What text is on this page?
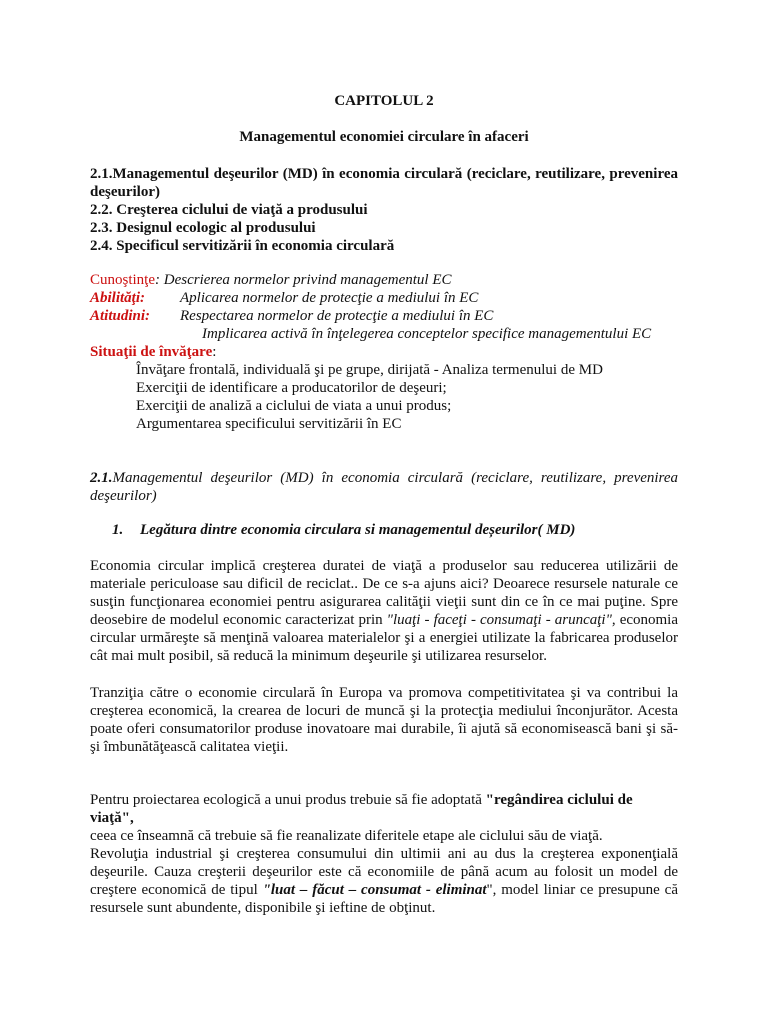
CAPITOLUL 2
Managementul economiei circulare în afaceri
2.1.Managementul deşeurilor (MD) în economia circulară (reciclare, reutilizare, prevenirea deşeurilor)
2.2. Creşterea ciclului de viaţă a produsului
2.3. Designul ecologic al produsului
2.4. Specificul servitizării în economia circulară
Cunoştinţe: Descrierea normelor privind managementul EC
Abilităţi: Aplicarea normelor de protecţie a mediului în EC
Atitudini: Respectarea normelor de protecţie a mediului în EC
Implicarea activă în înţelegerea conceptelor specifice managementului EC
Situaţii de învăţare:
Învăţare frontală, individuală şi pe grupe, dirijată - Analiza termenului de MD
Exerciţii de identificare a producatorilor de deşeuri;
Exerciţii de analiză a ciclului de viata a unui produs;
Argumentarea specificului servitizării în EC
2.1.Managementul deşeurilor (MD) în economia circulară (reciclare, reutilizare, prevenirea deşeurilor)
1. Legătura dintre economia circulara si managementul deșeurilor( MD)
Economia circular implică creşterea duratei de viaţă a produselor sau reducerea utilizării de materiale periculoase sau dificil de reciclat.. De ce s-a ajuns aici? Deoarece resursele naturale ce susţin funcţionarea economiei pentru asigurarea calităţii vieţii sunt din ce în ce mai puţine. Spre deosebire de modelul economic caracterizat prin "luaţi - faceţi - consumaţi - aruncaţi", economia circular urmăreşte să menţină valoarea materialelor şi a energiei utilizate la fabricarea produselor cât mai mult posibil, să reducă la minimum deşeurile şi utilizarea resurselor.
Tranziţia către o economie circulară în Europa va promova competitivitatea şi va contribui la creşterea economică, la crearea de locuri de muncă şi la protecţia mediului înconjurător. Acesta poate oferi consumatorilor produse inovatoare mai durabile, îi ajută să economisească bani şi să-şi îmbunătăţească calitatea vieţii.
Pentru proiectarea ecologică a unui produs trebuie să fie adoptată "regândirea ciclului de viaţă",
ceea ce înseamnă că trebuie să fie reanalizate diferitele etape ale ciclului său de viaţă.
Revoluţia industrial şi creşterea consumului din ultimii ani au dus la creşterea exponenţială deşeurile. Cauza creşterii deşeurilor este că economiile de până acum au folosit un model de creştere economică de tipul "luat – făcut – consumat - eliminat", model liniar ce presupune că resursele sunt abundente, disponibile şi ieftine de obţinut.
